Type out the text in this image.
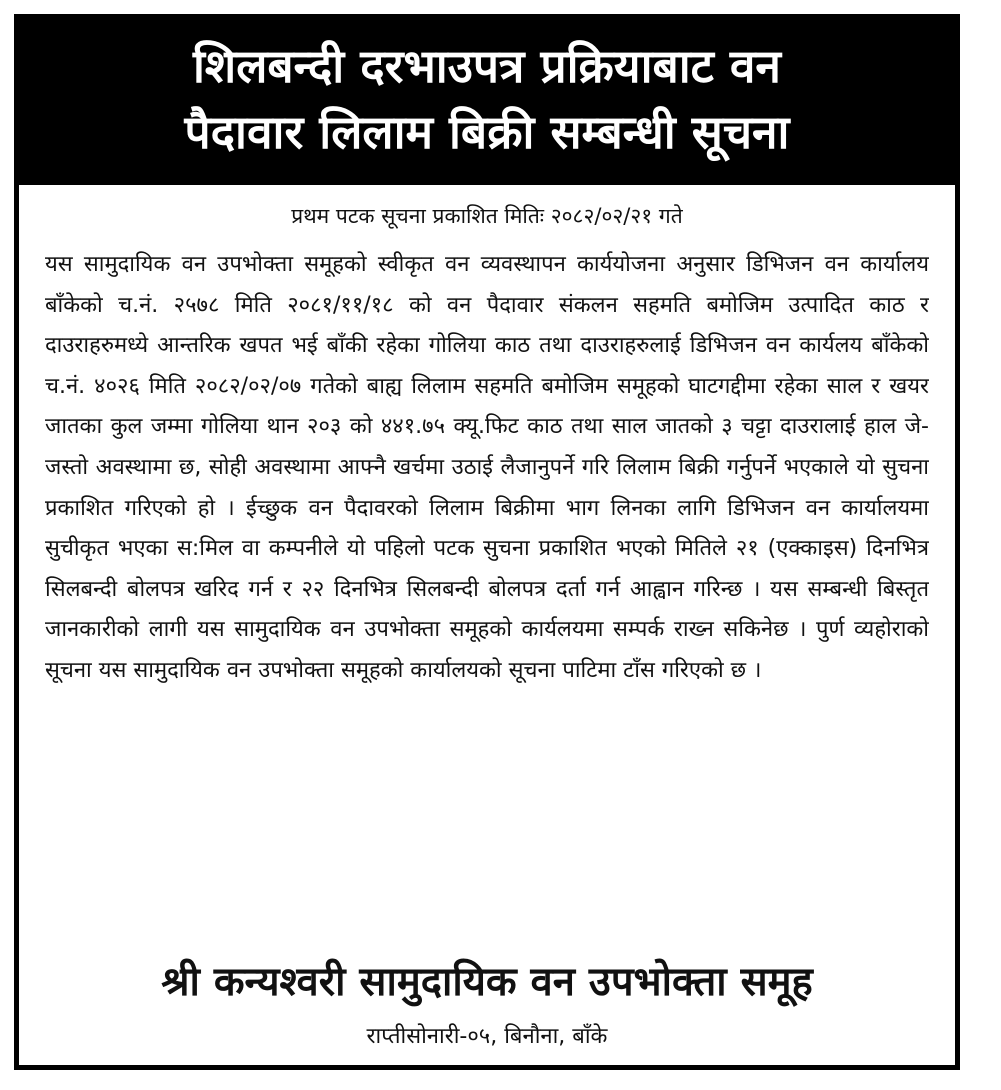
शिलबन्दी दरभाउपत्र प्रक्रियाबाट वन
पैदावार लिलाम बिक्री सम्बन्धी सूचना
प्रथम पटक सूचना प्रकाशित मितिः २०८२/०२/२१ गते
यस सामुदायिक वन उपभोक्ता समूहको स्वीकृत वन व्यवस्थापन कार्ययोजना अनुसार डिभिजन वन कार्यालय बाँकेको च.नं. २५७८ मिति २०८१/११/१८ को वन पैदावार संकलन सहमति बमोजिम उत्पादित काठ र दाउराहरुमध्ये आन्तरिक खपत भई बाँकी रहेका गोलिया काठ तथा दाउराहरुलाई डिभिजन वन कार्यलय बाँकेको च.नं. ४०२६ मिति २०८२/०२/०७ गतेको बाह्य लिलाम सहमति बमोजिम समूहको घाटगद्दीमा रहेका साल र खयर जातका कुल जम्मा गोलिया थान २०३ को ४४१.७५ क्यू.फिट काठ तथा साल जातको ३ चट्टा दाउरालाई हाल जे-जस्तो अवस्थामा छ, सोही अवस्थामा आफ्नै खर्चमा उठाई लैजानुपर्ने गरि लिलाम बिक्री गर्नुपर्ने भएकाले यो सुचना प्रकाशित गरिएको हो । ईच्छुक वन पैदावरको लिलाम बिक्रीमा भाग लिनका लागि डिभिजन वन कार्यालयमा सुचीकृत भएका स:मिल वा कम्पनीले यो पहिलो पटक सुचना प्रकाशित भएको मितिले २१ (एक्काइस) दिनभित्र सिलबन्दी बोलपत्र खरिद गर्न र २२ दिनभित्र सिलबन्दी बोलपत्र दर्ता गर्न आह्वान गरिन्छ । यस सम्बन्धी बिस्तृत जानकारीको लागी यस सामुदायिक वन उपभोक्ता समूहको कार्यलयमा सम्पर्क राख्न सकिनेछ । पुर्ण व्यहोराको सूचना यस सामुदायिक वन उपभोक्ता समूहको कार्यालयको सूचना पाटिमा टाँस गरिएको छ ।
श्री कन्यश्वरी सामुदायिक वन उपभोक्ता समूह
राप्तीसोनारी-०५, बिनौना, बाँके
